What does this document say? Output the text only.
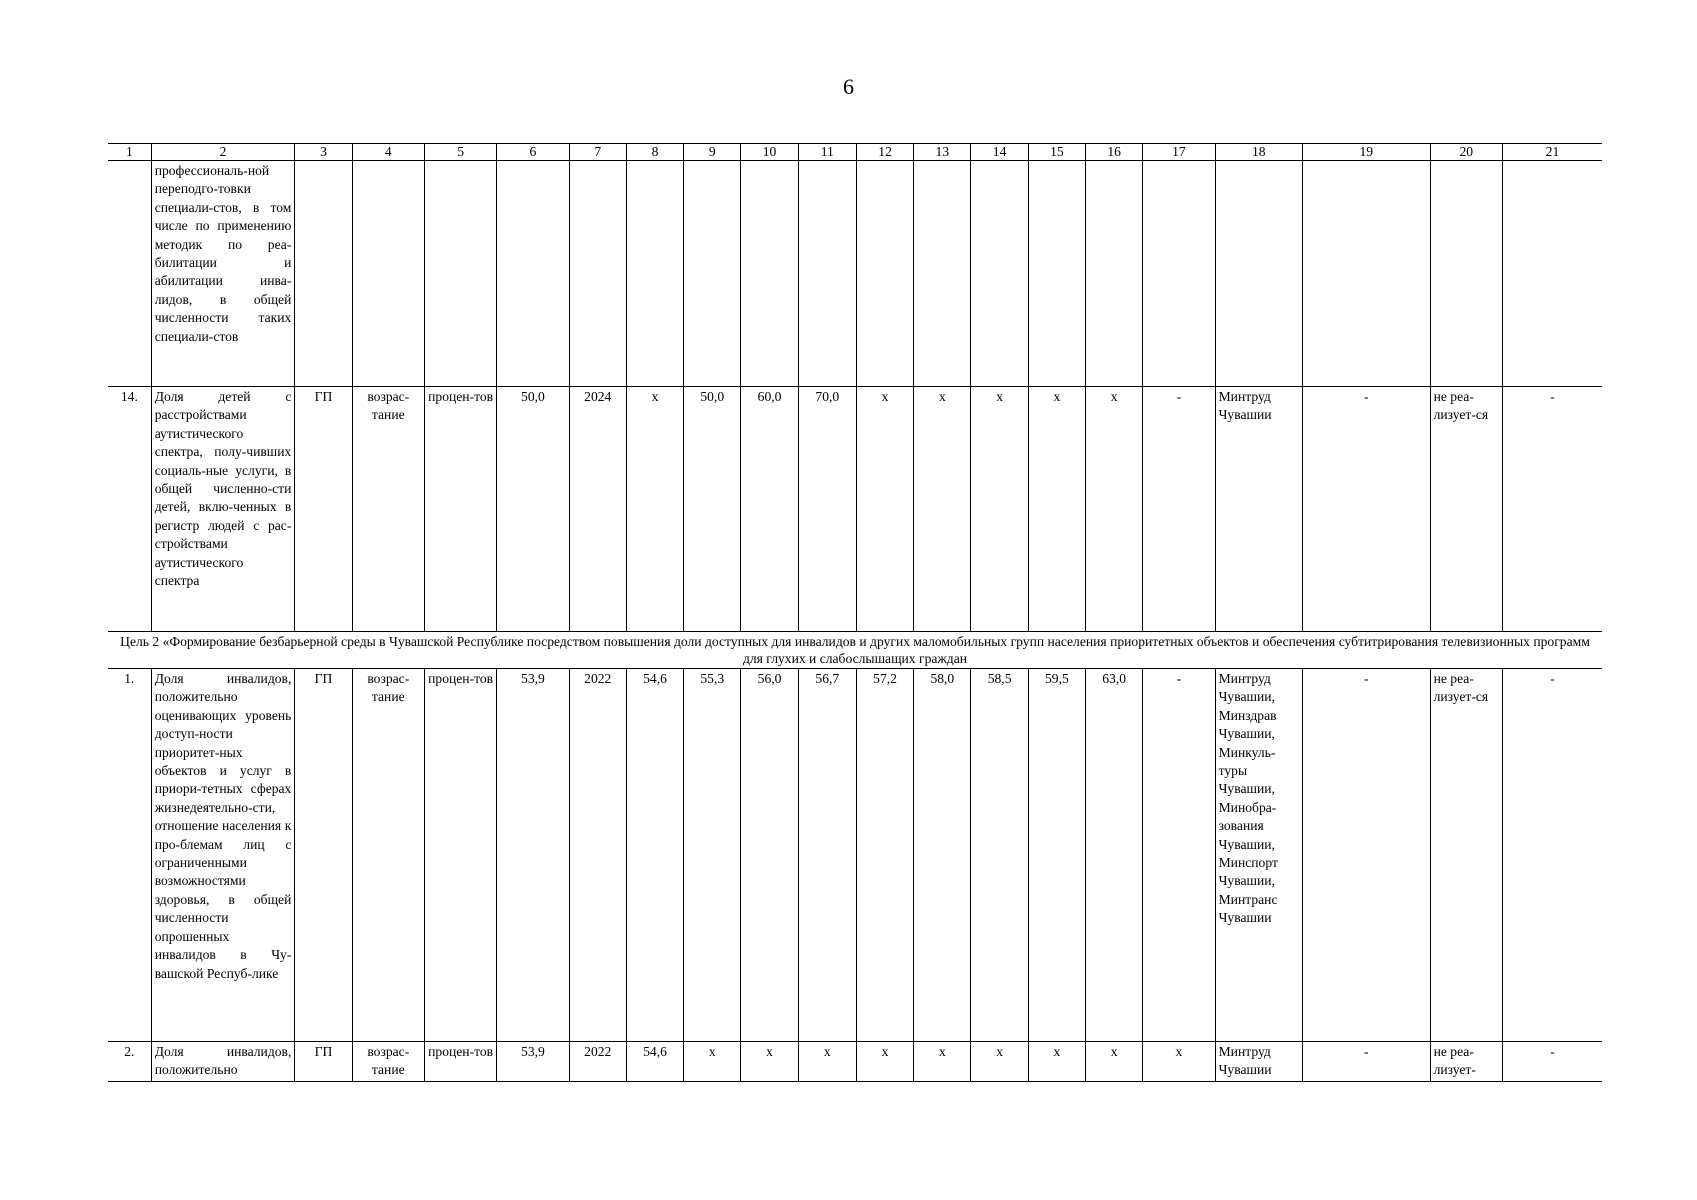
6
1	2	3	4	5	6	7	8	9	10	11	12	13	14	15	16	17	18	19	20	21
	профессиональ-ной переподго-товки специали-стов, в том числе по применению методик по реа-билитации и абилитации инва-лидов, в общей численности таких специали-стов																			
14.	Доля детей с расстройствами аутистического спектра, полу-чивших социаль-ные услуги, в общей численно-сти детей, вклю-ченных в регистр людей с рас-стройствами аутистического спектра	ГП	возрас-тание	процен-тов	50,0	2024	х	50,0	60,0	70,0	х	х	х	х	х	-	Минтруд Чувашии	-	не реа-лизует-ся	-
Цель 2 «Формирование безбарьерной среды в Чувашской Республике посредством повышения доли доступных для инвалидов и других маломобильных групп населения приоритетных объектов и обеспечения субтитрирования телевизионных программ для глухих и слабослышащих граждан																				
1.	Доля инвалидов, положительно оценивающих уровень доступ-ности приоритет-ных объектов и услуг в приори-тетных сферах жизнедеятельно-сти, отношение населения к про-блемам лиц с ограниченными возможностями здоровья, в общей численности опрошенных инвалидов в Чу-вашской Респуб-лике	ГП	возрас-тание	процен-тов	53,9	2022	54,6	55,3	56,0	56,7	57,2	58,0	58,5	59,5	63,0	-	Минтруд Чувашии, Минздрав Чувашии, Минкуль-туры Чувашии, Минобра-зования Чувашии, Минспорт Чувашии, Минтранс Чувашии	-	не реа-лизует-ся	-
2.	Доля инвалидов, положительно	ГП	возрас-тание	процен-тов	53,9	2022	54,6	х	х	х	х	х	х	х	х	х	Минтруд Чувашии	-	не реа-лизует-	-
